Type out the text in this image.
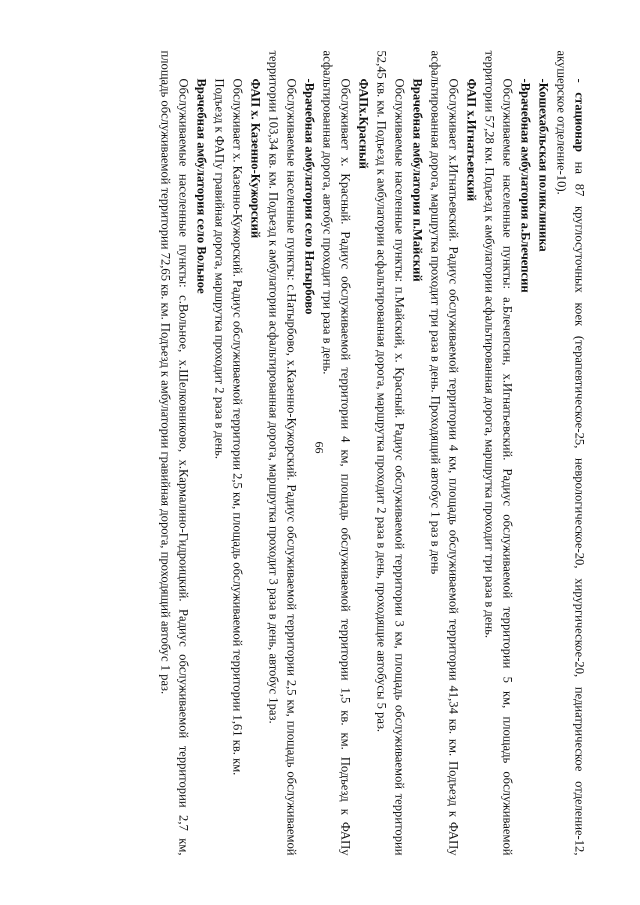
66

- стационар на 87 круглосуточных коек (терапевтическое-25, неврологическое-20, хирургическое-20, педиатрическое отделение-12, акушерское отделение-10).

-Кошехабльская поликлиника

-Врачебная амбулатория а.Блечепсин

Обслуживаемые населенные пункты: а.Блечепсин, х.Игнатьевский. Радиус обслуживаемой территории 5 км, площадь обслуживаемой территории 57,28 км. Подъезд к амбулатории асфальтированная дорога, маршрутка проходит три раза в день.

ФАП х.Игнатьевский

Обслуживает х.Игнатьевский. Радиус обслуживаемой территории 4 км, площадь обслуживаемой территории 41,34 кв. км. Подъезд к ФАПу асфальтированная дорога, маршрутка проходит три раза в день. Проходящий автобус 1 раз в день

Врачебная амбулатория п.Майский

Обслуживаемые населенные пункты: п.Майский, х. Красный. Радиус обслуживаемой территории 3 км, площадь обслуживаемой территории 52,45 кв. км. Подъезд к амбулатории асфальтированная дорога, маршрутка проходит 2 раза в день, проходящие автобусы 5 раз.

ФАПх.Красный

Обслуживает х. Красный. Радиус обслуживаемой территории 4 км, площадь обслуживаемой территории 1,5 кв. км. Подъезд к ФАПу асфальтированная дорога, автобус проходит три раза в день.

-Врачебная амбулатория село Натырбово

Обслуживаемые населенные пункты: с.Натырбово, х.Казенно-Кужорский. Радиус обслуживаемой территории 2,5 км, площадь обслуживаемой территории 103,34 кв. км. Подъезд к амбулатории асфальтированная дорога, маршрутка проходит 3 раза в день, автобус 1раз.

ФАП х. Казенно-Кужорский

Обслуживает х. Казенно-Кужорский. Радиус обслуживаемой территории 2,5 км, площадь обслуживаемой территории 1,61 кв. км.

Подъезд к ФАПу гравийная дорога, маршрутка проходит 2 раза в день.

Врачебная амбулатория село Вольное

Обслуживаемые населенные пункты: с.Вольное, х.Шелковниково, х.Кармалино-Гидроицкий. Радиус обслуживаемой территории 2,7 км, площадь обслуживаемой территории 72,65 кв. км. Подъезд к амбулатории гравийная дорога, проходящий автобус 1 раз.
